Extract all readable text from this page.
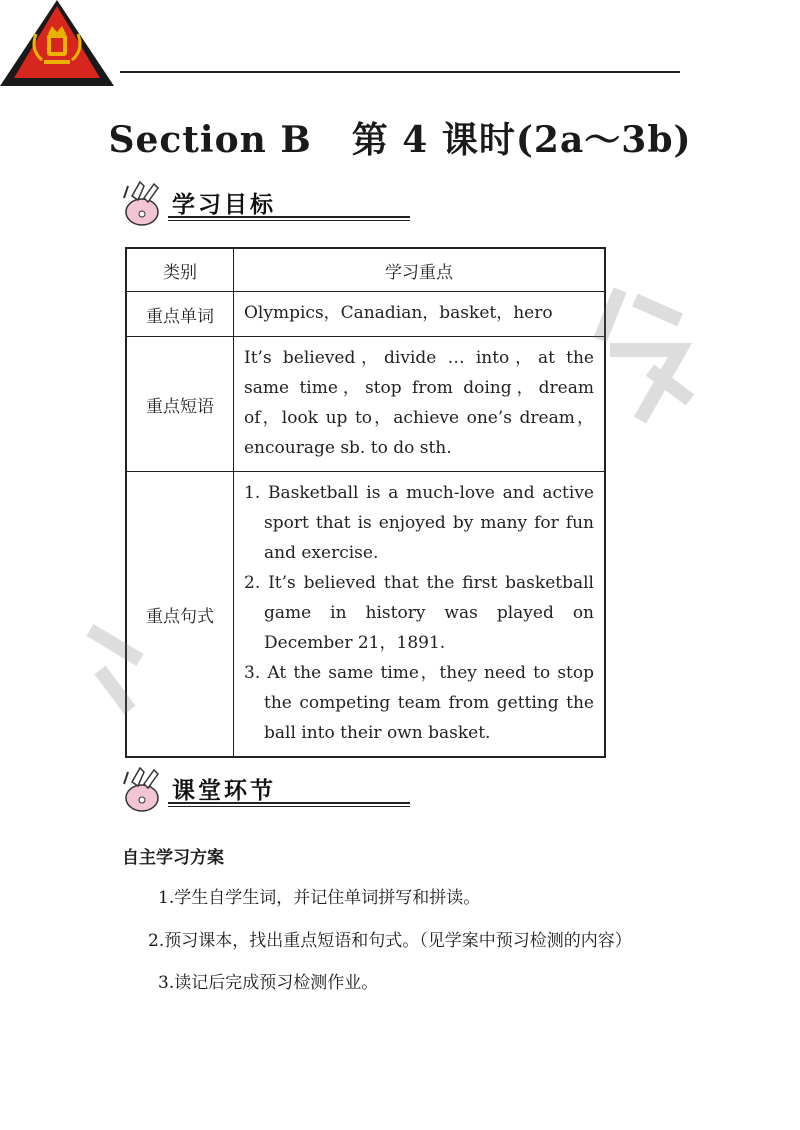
Section B 第 4 课时(2a～3b)
学习目标
类别	学习重点
重点单词	Olympics，Canadian，basket，hero
重点短语	It’s believed，divide … into，at the same time，stop from doing，dream of，look up to，achieve one’s dream，encourage sb. to do sth.
重点句式	1. Basketball is a much-love and active sport that is enjoyed by many for fun and exercise.
2. It’s believed that the first basketball game in history was played on December 21，1891.
3. At the same time，they need to stop the competing team from getting the ball into their own basket.
课堂环节
自主学习方案
1.学生自学生词，并记住单词拼写和拼读。
2.预习课本，找出重点短语和句式。（见学案中预习检测的内容）
3.读记后完成预习检测作业。
